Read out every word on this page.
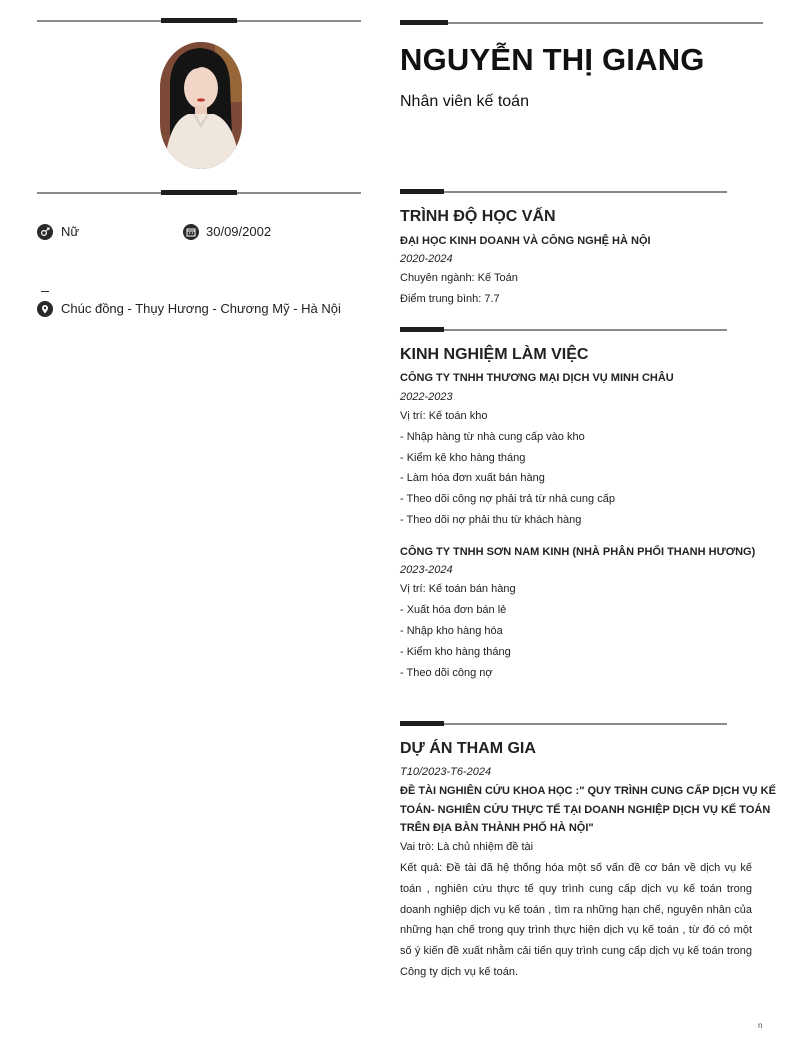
Nữ	30/09/2002
Chúc đồng - Thụy Hương - Chương Mỹ - Hà Nội
NGUYỄN THỊ GIANG
Nhân viên kế toán
TRÌNH ĐỘ HỌC VẤN
ĐẠI HỌC KINH DOANH VÀ CÔNG NGHỆ HÀ NỘI
2020-2024
Chuyên ngành: Kế Toán
Điểm trung bình: 7.7
KINH NGHIỆM LÀM VIỆC
CÔNG TY TNHH THƯƠNG MẠI DỊCH VỤ MINH CHÂU
2022-2023
Vị trí: Kế toán kho
- Nhập hàng từ nhà cung cấp vào kho
- Kiểm kê kho hàng tháng
- Làm hóa đơn xuất bán hàng
- Theo dõi công nợ phải trả từ nhà cung cấp
- Theo dõi nợ phải thu từ khách hàng
CÔNG TY TNHH SƠN NAM KINH (NHÀ PHÂN PHỐI THANH HƯƠNG)
2023-2024
Vị trí: Kế toán bán hàng
- Xuất hóa đơn bán lẻ
- Nhập kho hàng hóa
- Kiểm kho hàng tháng
- Theo dõi công nợ
DỰ ÁN THAM GIA
T10/2023-T6-2024
ĐỀ TÀI NGHIÊN CỨU KHOA HỌC :" QUY TRÌNH CUNG CẤP DỊCH VỤ KẾ
TOÁN- NGHIÊN CỨU THỰC TẾ TẠI DOANH NGHIỆP DỊCH VỤ KẾ TOÁN
TRÊN ĐỊA BÀN THÀNH PHỐ HÀ NỘI"
Vai trò: Là chủ nhiệm đề tài
Kết quả: Đề tài đã hệ thống hóa một số vấn đề cơ bản về dịch vụ kế toán , nghiên cứu thực tế quy trình cung cấp dịch vụ kế toán trong doanh nghiệp dịch vụ kế toán , tìm ra những hạn chế, nguyên nhân của những hạn chế trong quy trình thực hiện dịch vụ kế toán , từ đó có một số ý kiến đề xuất nhằm cải tiến quy trình cung cấp dịch vụ kế toán trong Công ty dịch vụ kế toán.
n
